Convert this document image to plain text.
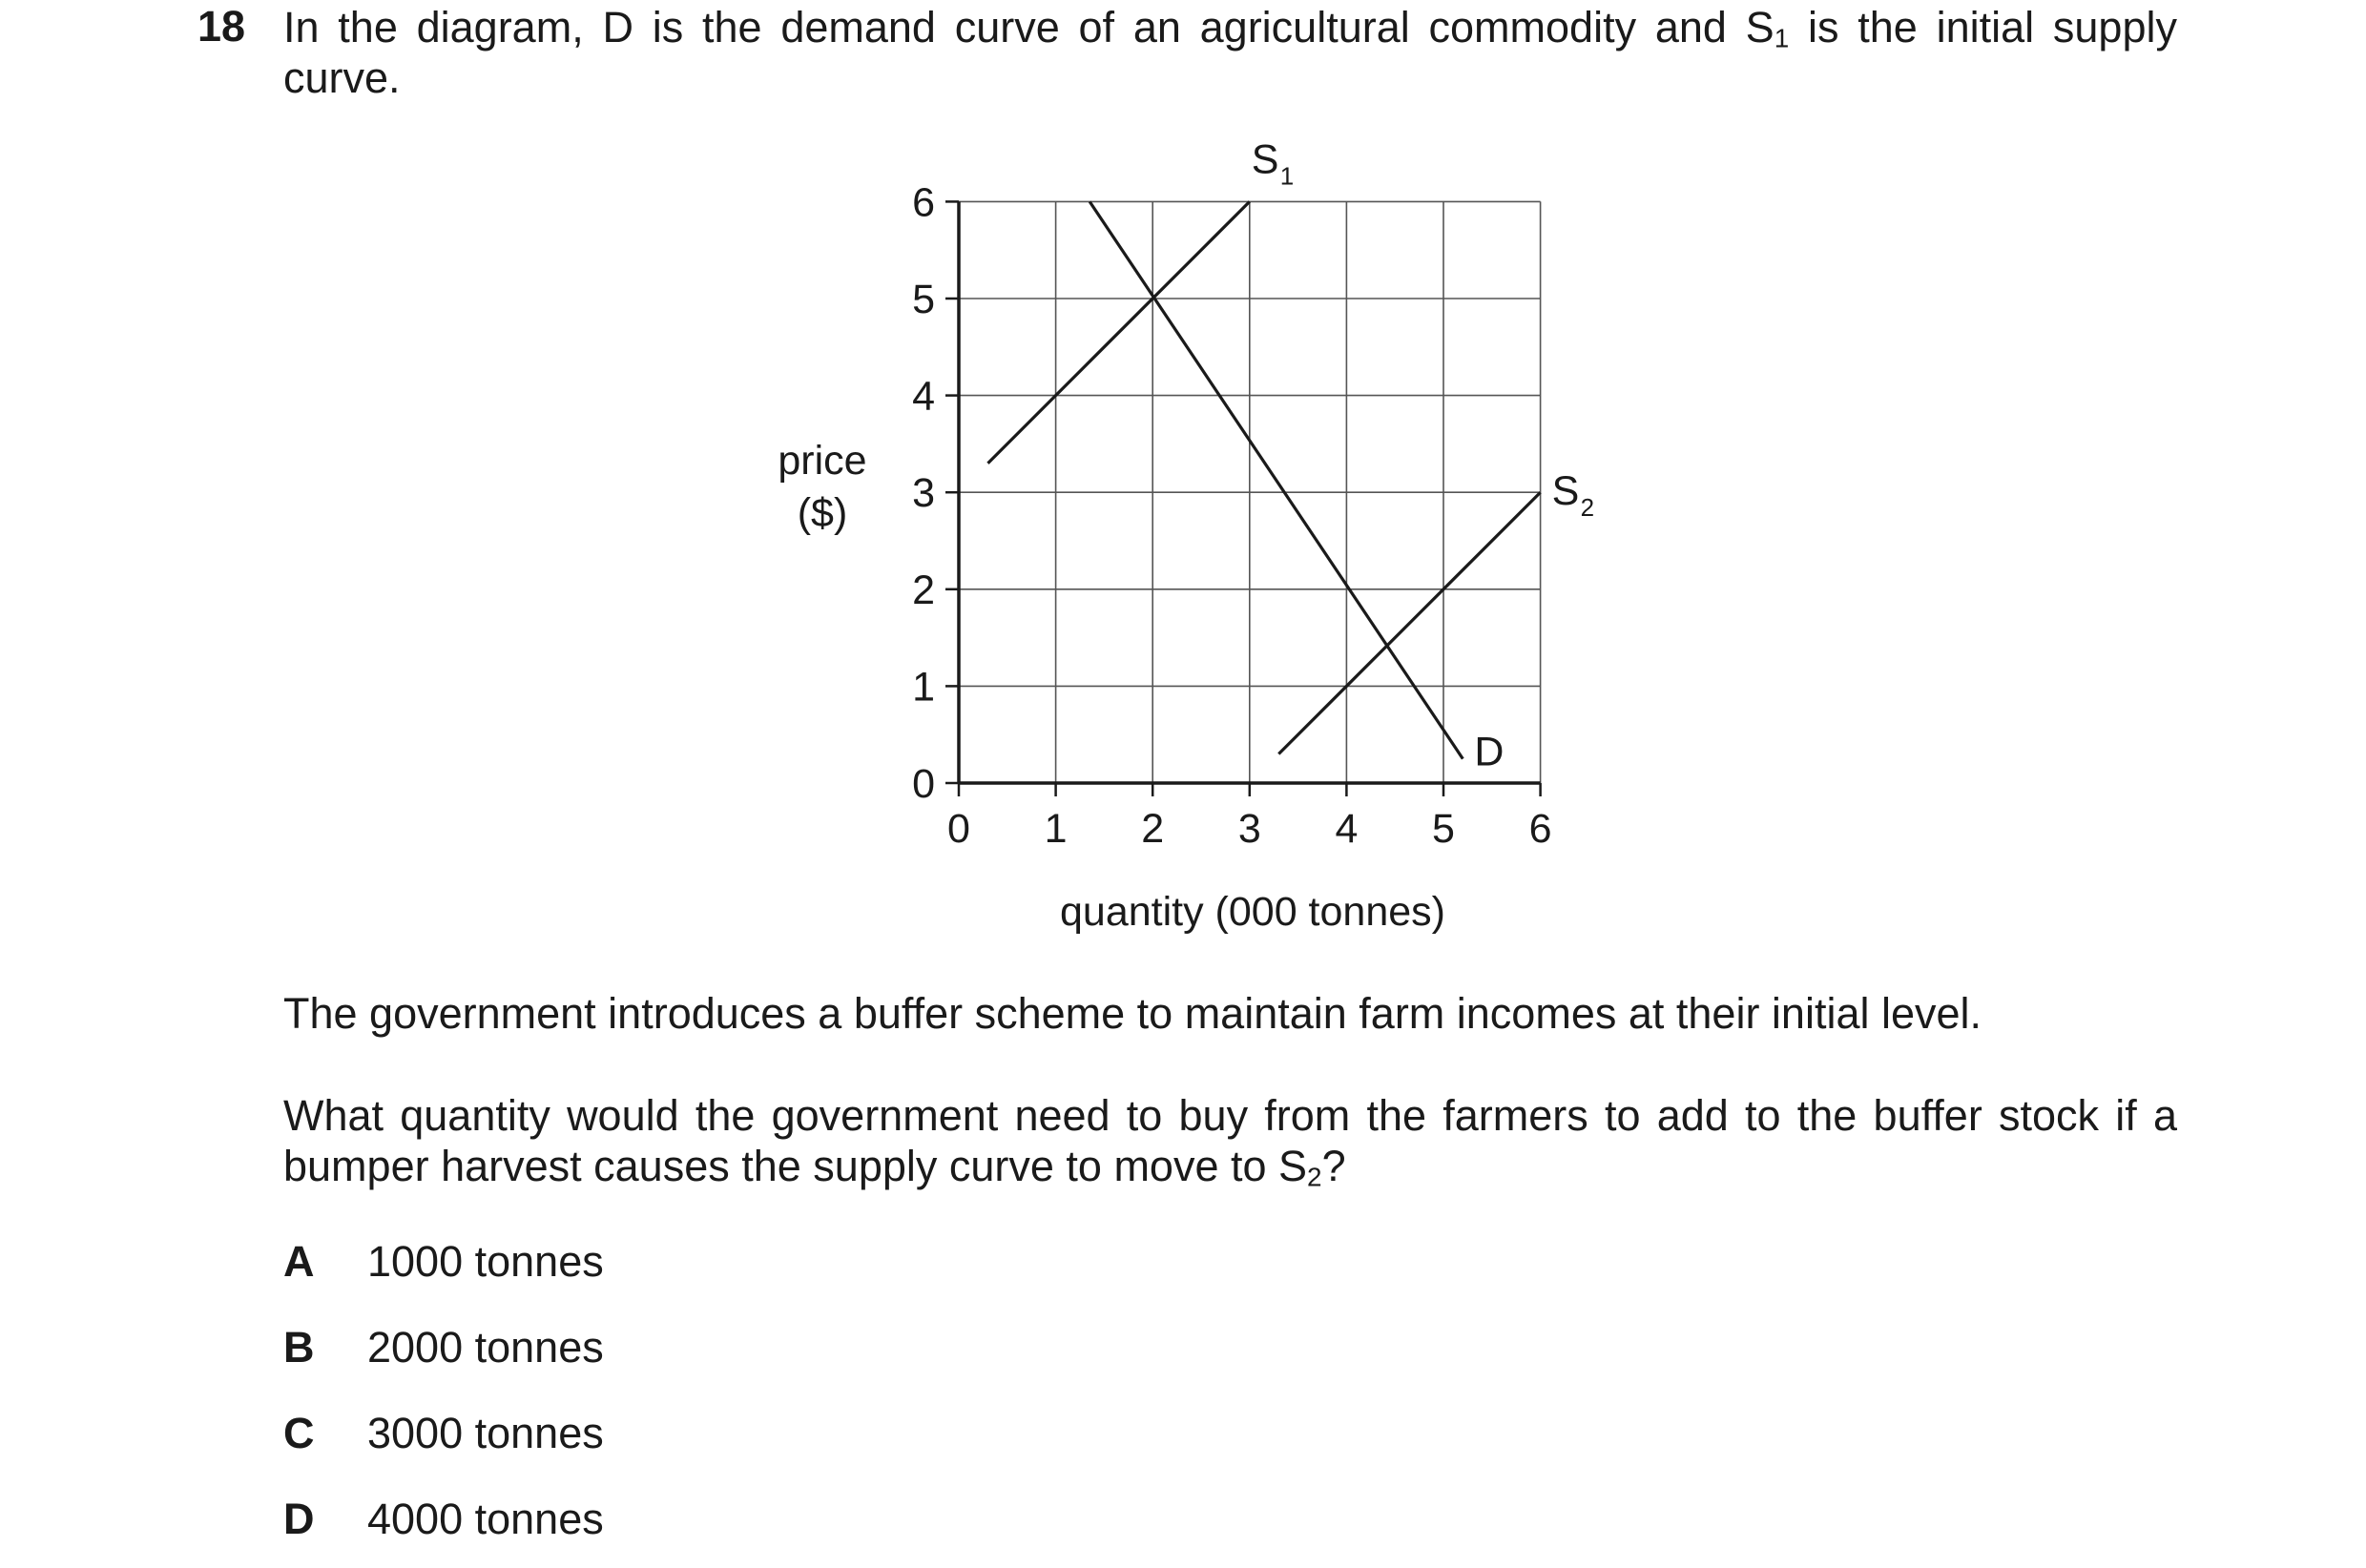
18 In the diagram, D is the demand curve of an agricultural commodity and $S_1$ is the initial supply curve.
0 1 2 3 4 5 6
0
1
2
3
4
5
6
S 1
D
S 2
price
($)
quantity (000 tonnes)
The government introduces a buffer scheme to maintain farm incomes at their initial level.
What quantity would the government need to buy from the farmers to add to the buffer stock if a bumper harvest causes the supply curve to move to $S_2$?
A 1000 tonnes
B 2000 tonnes
C 3000 tonnes
D 4000 tonnes
